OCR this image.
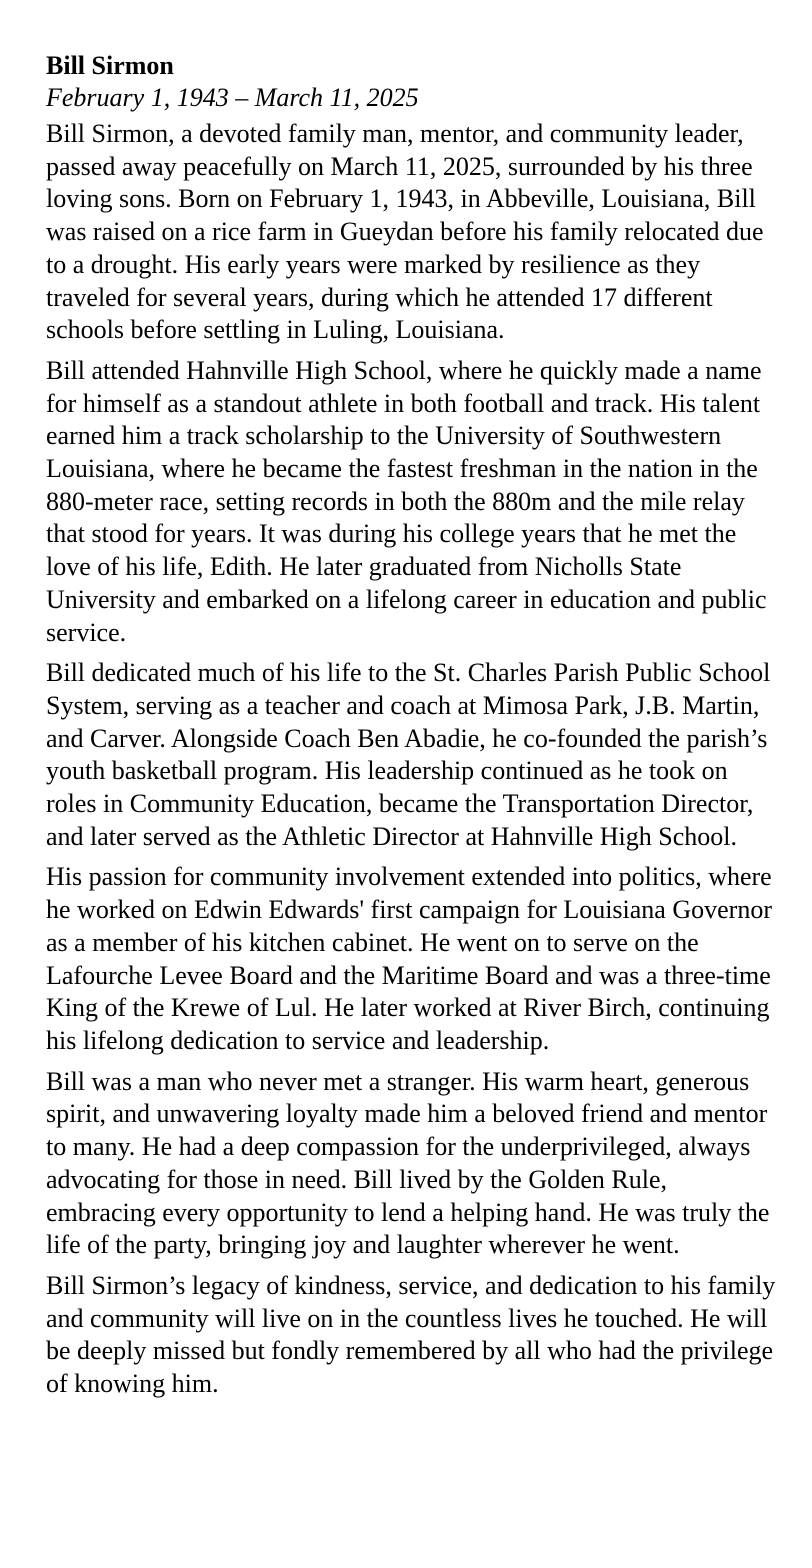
Bill Sirmon

February 1, 1943 – March 11, 2025

Bill Sirmon, a devoted family man, mentor, and community leader, passed away peacefully on March 11, 2025, surrounded by his three loving sons. Born on February 1, 1943, in Abbeville, Louisiana, Bill was raised on a rice farm in Gueydan before his family relocated due to a drought. His early years were marked by resilience as they traveled for several years, during which he attended 17 different schools before settling in Luling, Louisiana.

Bill attended Hahnville High School, where he quickly made a name for himself as a standout athlete in both football and track. His talent earned him a track scholarship to the University of Southwestern Louisiana, where he became the fastest freshman in the nation in the 880-meter race, setting records in both the 880m and the mile relay that stood for years. It was during his college years that he met the love of his life, Edith. He later graduated from Nicholls State University and embarked on a lifelong career in education and public service.

Bill dedicated much of his life to the St. Charles Parish Public School System, serving as a teacher and coach at Mimosa Park, J.B. Martin, and Carver. Alongside Coach Ben Abadie, he co-founded the parish’s youth basketball program. His leadership continued as he took on roles in Community Education, became the Transportation Director, and later served as the Athletic Director at Hahnville High School.

His passion for community involvement extended into politics, where he worked on Edwin Edwards' first campaign for Louisiana Governor as a member of his kitchen cabinet. He went on to serve on the Lafourche Levee Board and the Maritime Board and was a three-time King of the Krewe of Lul. He later worked at River Birch, continuing his lifelong dedication to service and leadership.

Bill was a man who never met a stranger. His warm heart, generous spirit, and unwavering loyalty made him a beloved friend and mentor to many. He had a deep compassion for the underprivileged, always advocating for those in need. Bill lived by the Golden Rule, embracing every opportunity to lend a helping hand. He was truly the life of the party, bringing joy and laughter wherever he went.

Bill Sirmon’s legacy of kindness, service, and dedication to his family and community will live on in the countless lives he touched. He will be deeply missed but fondly remembered by all who had the privilege of knowing him.
